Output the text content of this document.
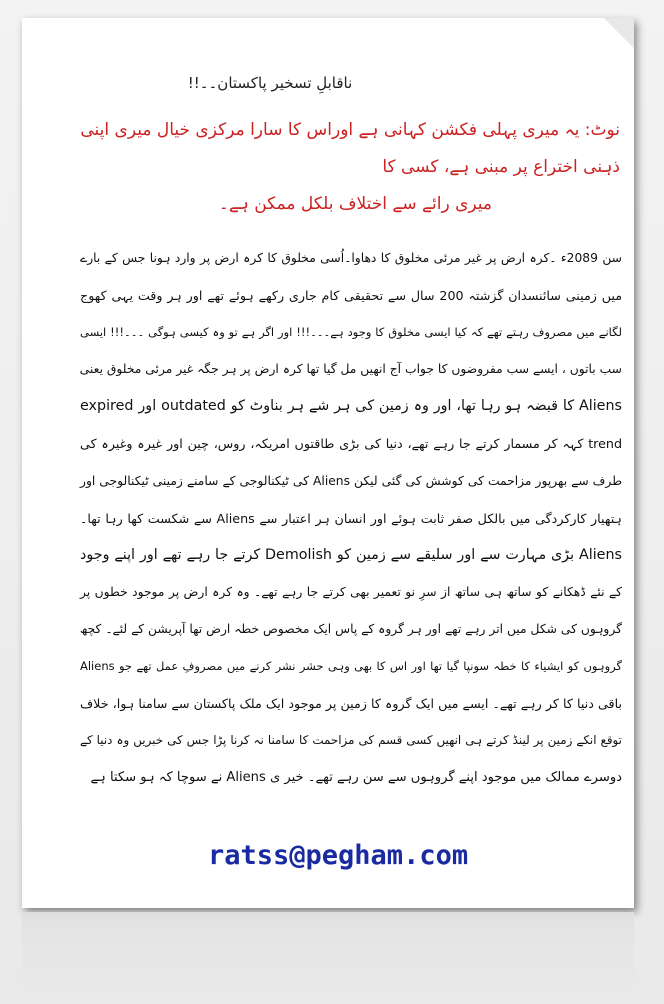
ناقابلِ تسخیر پاکستان۔۔!!
نوٹ: یہ میری پہلی فکشن کہانی ہے اوراس کا سارا مرکزی خیال میری اپنی ذہنی اختراع پر مبنی ہے، کسی کا
میری رائے سے اختلاف بلکل ممکن ہے۔
سن 2089ء ۔کرہ ارض پر غیر مرئی مخلوق کا دھاوا۔اُسی مخلوق کا کرہ ارض پر وارد ہونا جس کے بارے
میں زمینی سائنسدان گزشتہ 200 سال سے تحقیقی کام جاری رکھے ہوئے تھے اور ہر وقت یہی کھوج
لگانے میں مصروف رہتے تھے کہ کیا ایسی مخلوق کا وجود ہے۔۔۔!!! اور اگر ہے تو وہ کیسی ہوگی ۔۔۔!!! ایسی
سب باتوں ، ایسے سب مفروضوں کا جواب آج انھیں مل گیا تھا کرہ ارض پر ہر جگہ غیر مرئی مخلوق یعنی
Aliens کا قبضہ ہو رہا تھا، اور وہ زمین کی ہر شے ہر بناوٹ کو outdated اور expired
trend کہہ کر مسمار کرتے جا رہے تھے، دنیا کی بڑی طاقتوں امریکہ، روس، چین اور غیرہ وغیرہ کی
طرف سے بھرپور مزاحمت کی کوشش کی گئی لیکن Aliens کی ٹیکنالوجی کے سامنے زمینی ٹیکنالوجی اور
ہتھیار کارکردگی میں بالکل صفر ثابت ہوئے اور انسان ہر اعتبار سے Aliens سے شکست کھا رہا تھا۔
Aliens بڑی مہارت سے اور سلیقے سے زمین کو Demolish کرتے جا رہے تھے اور اپنے وجود
کے نئے ڈھکانے کو ساتھ ہی ساتھ از سرِ نو تعمیر بھی کرتے جا رہے تھے۔ وہ کرہ ارض پر موجود خطوں پر
گروہوں کی شکل میں اتر رہے تھے اور ہر گروہ کے پاس ایک مخصوص خطہ ارض تھا آپریشن کے لئے۔ کچھ
گروہوں کو ایشیاء کا خطہ سونپا گیا تھا اور اس کا بھی وہی حشر نشر کرنے میں مصروفِ عمل تھے جو Aliens
باقی دنیا کا کر رہے تھے۔ ایسے میں ایک گروہ کا زمین پر موجود ایک ملک پاکستان سے سامنا ہوا، خلاف
توقع انکے زمین پر لینڈ کرتے ہی انھیں کسی قسم کی مزاحمت کا سامنا نہ کرنا پڑا جس کی خبریں وہ دنیا کے
دوسرے ممالک میں موجود اپنے گروہوں سے سن رہے تھے۔ خیر ی Aliens نے سوچا کہ ہو سکتا ہے
ratss@pegham.com
